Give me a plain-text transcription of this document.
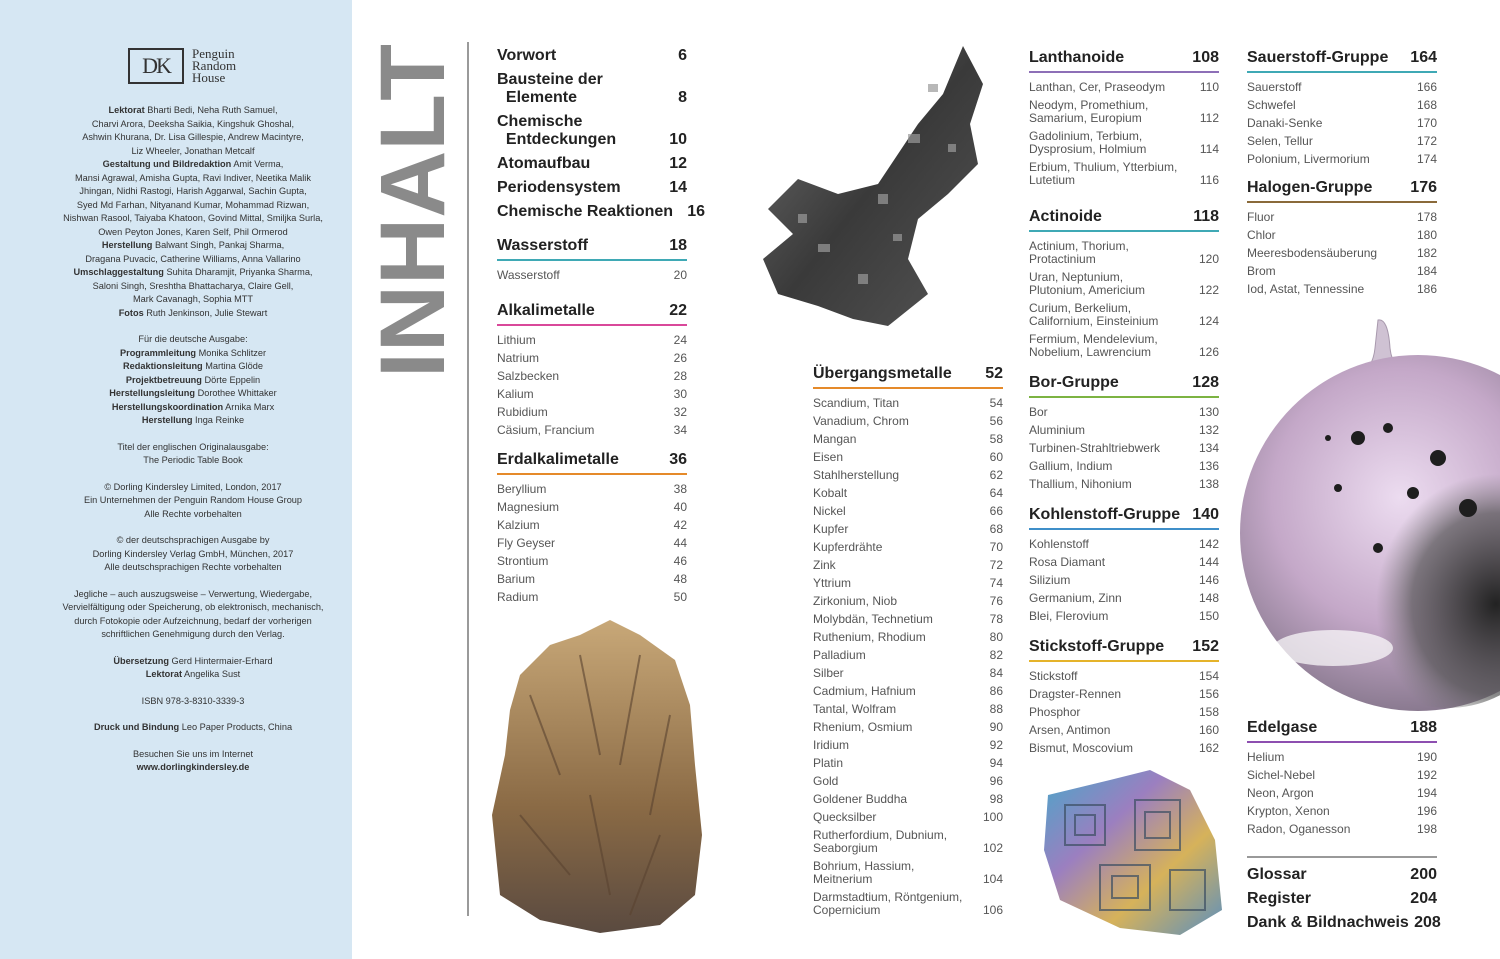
DK	Penguin
Random
House
Lektorat Bharti Bedi, Neha Ruth Samuel,
Charvi Arora, Deeksha Saikia, Kingshuk Ghoshal,
Ashwin Khurana, Dr. Lisa Gillespie, Andrew Macintyre,
Liz Wheeler, Jonathan Metcalf
Gestaltung und Bildredaktion Amit Verma,
Mansi Agrawal, Amisha Gupta, Ravi Indiver, Neetika Malik
Jhingan, Nidhi Rastogi, Harish Aggarwal, Sachin Gupta,
Syed Md Farhan, Nityanand Kumar, Mohammad Rizwan,
Nishwan Rasool, Taiyaba Khatoon, Govind Mittal, Smiljka Surla,
Owen Peyton Jones, Karen Self, Phil Ormerod
Herstellung Balwant Singh, Pankaj Sharma,
Dragana Puvacic, Catherine Williams, Anna Vallarino
Umschlaggestaltung Suhita Dharamjit, Priyanka Sharma,
Saloni Singh, Sreshtha Bhattacharya, Claire Gell,
Mark Cavanagh, Sophia MTT
Fotos Ruth Jenkinson, Julie Stewart
Für die deutsche Ausgabe:
Programmleitung Monika Schlitzer
Redaktionsleitung Martina Glöde
Projektbetreuung Dörte Eppelin
Herstellungsleitung Dorothee Whittaker
Herstellungskoordination Arnika Marx
Herstellung Inga Reinke
Titel der englischen Originalausgabe:
The Periodic Table Book
© Dorling Kindersley Limited, London, 2017
Ein Unternehmen der Penguin Random House Group
Alle Rechte vorbehalten
© der deutschsprachigen Ausgabe by
Dorling Kindersley Verlag GmbH, München, 2017
Alle deutschsprachigen Rechte vorbehalten
Jegliche – auch auszugsweise – Verwertung, Wiedergabe,
Vervielfältigung oder Speicherung, ob elektronisch, mechanisch,
durch Fotokopie oder Aufzeichnung, bedarf der vorherigen
schriftlichen Genehmigung durch den Verlag.
Übersetzung Gerd Hintermaier-Erhard
Lektorat Angelika Sust
ISBN 978-3-8310-3339-3
Druck und Bindung Leo Paper Products, China
Besuchen Sie uns im Internet
www.dorlingkindersley.de
INHALT Vorwort	6
Bausteine der
Elemente	8
Chemische
Entdeckungen	10
Atomaufbau	12
Periodensystem	14
Chemische Reaktionen 16
Wasserstoff	18
Wasserstoff	20
Alkalimetalle	22
Lithium	24
Natrium	26
Salzbecken	28
Kalium	30
Rubidium	32
Cäsium, Francium	34
Erdalkalimetalle	36
Beryllium	38
Magnesium	40
Kalzium	42
Fly Geyser	44
Strontium	46
Barium	48
Radium	50
Übergangsmetalle 52
Scandium, Titan	54
Vanadium, Chrom	56
Mangan	58
Eisen	60
Stahlherstellung	62
Kobalt	64
Nickel	66
Kupfer	68
Kupferdrähte	70
Zink	72
Yttrium	74
Zirkonium, Niob	76
Molybdän, Technetium	78
Ruthenium, Rhodium	80
Palladium	82
Silber	84
Cadmium, Hafnium	86
Tantal, Wolfram	88
Rhenium, Osmium	90
Iridium	92
Platin	94
Gold	96
Goldener Buddha	98
Quecksilber	100
Rutherfordium, Dubnium,
Seaborgium	102
Bohrium, Hassium,
Meitnerium	104
Darmstadtium, Röntgenium,
Copernicium	106
Lanthanoide	108
Lanthan, Cer, Praseodym	110
Neodym, Promethium,
Samarium, Europium	112
Gadolinium, Terbium,
Dysprosium, Holmium	114
Erbium, Thulium, Ytterbium,
Lutetium	116
Actinoide	118
Actinium, Thorium,
Protactinium	120
Uran, Neptunium,
Plutonium, Americium	122
Curium, Berkelium,
Californium, Einsteinium	124
Fermium, Mendelevium,
Nobelium, Lawrencium	126
Bor-Gruppe	128
Bor	130
Aluminium	132
Turbinen-Strahltriebwerk	134
Gallium, Indium	136
Thallium, Nihonium	138
Kohlenstoff-Gruppe 140
Kohlenstoff	142
Rosa Diamant	144
Silizium	146
Germanium, Zinn	148
Blei, Flerovium	150
Stickstoff-Gruppe 152
Stickstoff	154
Dragster-Rennen	156
Phosphor	158
Arsen, Antimon	160
Bismut, Moscovium	162
Sauerstoff-Gruppe 164
Sauerstoff	166
Schwefel	168
Danaki-Senke	170
Selen, Tellur	172
Polonium, Livermorium	174
Halogen-Gruppe 176
Fluor	178
Chlor	180
Meeresbodensäuberung	182
Brom	184
Iod, Astat, Tennessine	186
Edelgase	188
Helium	190
Sichel-Nebel	192
Neon, Argon	194
Krypton, Xenon	196
Radon, Oganesson	198
Glossar	200
Register	204
Dank & Bildnachweis 208
